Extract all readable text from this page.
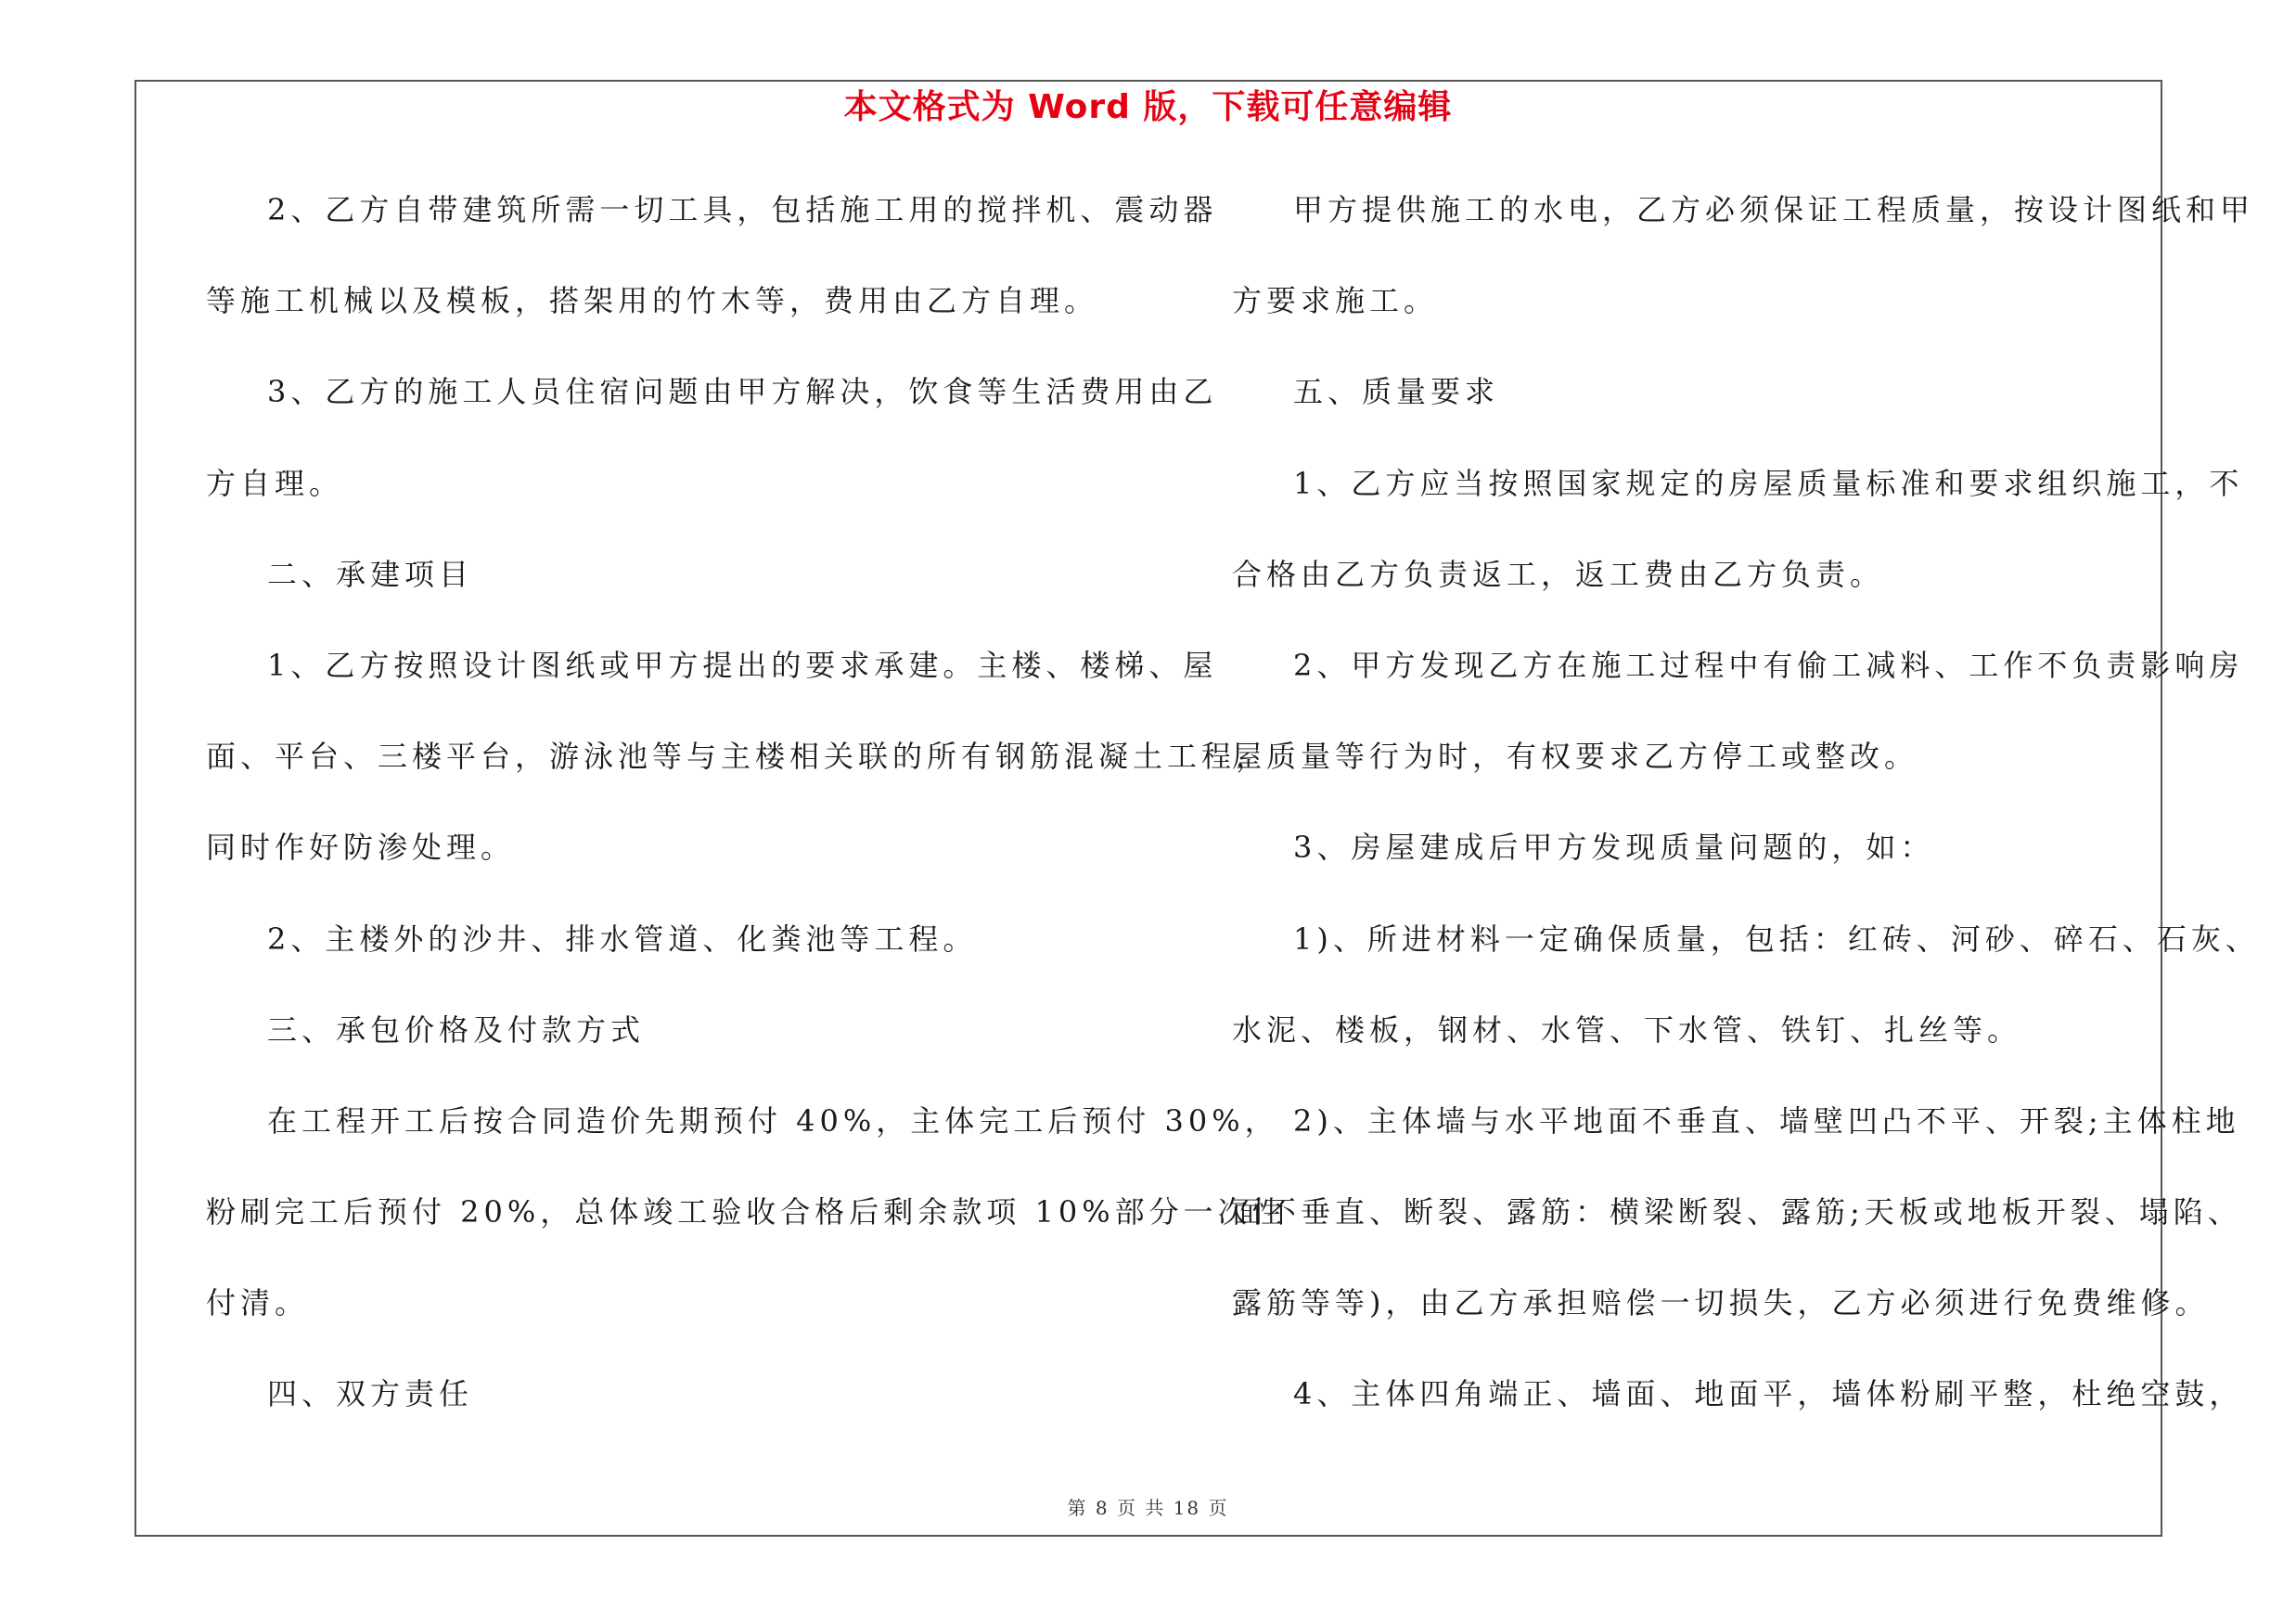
本文格式为 Word 版，下载可任意编辑
2、乙方自带建筑所需一切工具，包括施工用的搅拌机、震动器
等施工机械以及模板，搭架用的竹木等，费用由乙方自理。
3、乙方的施工人员住宿问题由甲方解决，饮食等生活费用由乙
方自理。
二、承建项目
1、乙方按照设计图纸或甲方提出的要求承建。主楼、楼梯、屋
面、平台、三楼平台，游泳池等与主楼相关联的所有钢筋混凝土工程，
同时作好防渗处理。
2、主楼外的沙井、排水管道、化粪池等工程。
三、承包价格及付款方式
在工程开工后按合同造价先期预付 40%，主体完工后预付 30%，
粉刷完工后预付 20%，总体竣工验收合格后剩余款项 10%部分一次性
付清。
四、双方责任
甲方提供施工的水电，乙方必须保证工程质量，按设计图纸和甲
方要求施工。
五、质量要求
1、乙方应当按照国家规定的房屋质量标准和要求组织施工，不
合格由乙方负责返工，返工费由乙方负责。
2、甲方发现乙方在施工过程中有偷工减料、工作不负责影响房
屋质量等行为时，有权要求乙方停工或整改。
3、房屋建成后甲方发现质量问题的，如：
1)、所进材料一定确保质量，包括：红砖、河砂、碎石、石灰、
水泥、楼板，钢材、水管、下水管、铁钉、扎丝等。
2)、主体墙与水平地面不垂直、墙壁凹凸不平、开裂;主体柱地
面不垂直、断裂、露筋：横梁断裂、露筋;天板或地板开裂、塌陷、
露筋等等)，由乙方承担赔偿一切损失，乙方必须进行免费维修。
4、主体四角端正、墙面、地面平，墙体粉刷平整，杜绝空鼓，
第 8 页 共 18 页
